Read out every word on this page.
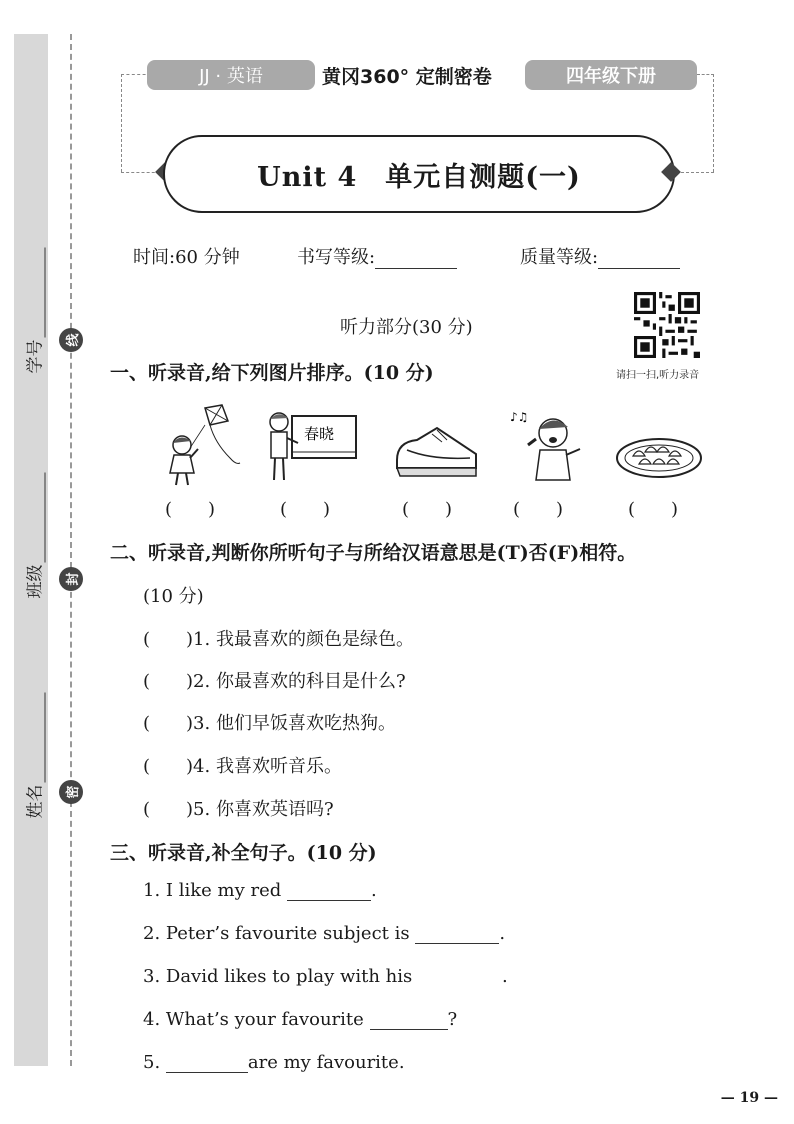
线
封
密
学号
班级
姓名
JJ · 英语	黄冈360° 定制密卷	四年级下册
Unit 4　单元自测题(一)
时间:60 分钟	书写等级:	质量等级:
听力部分(30 分)
请扫一扫,听力录音
一、听录音,给下列图片排序。(10 分)
春晓
♪♫
(　　)	(　　)	(　　)	(　　)	(　　)
二、听录音,判断你所听句子与所给汉语意思是(T)否(F)相符。
(10 分)
(　　)1. 我最喜欢的颜色是绿色。
(　　)2. 你最喜欢的科目是什么?
(　　)3. 他们早饭喜欢吃热狗。
(　　)4. 我喜欢听音乐。
(　　)5. 你喜欢英语吗?
三、听录音,补全句子。(10 分)
1. I like my red	.
2. Peter’s favourite subject is	.
3. David likes to play with his	.
4. What’s your favourite	?
5.	are my favourite.
— 19 —
